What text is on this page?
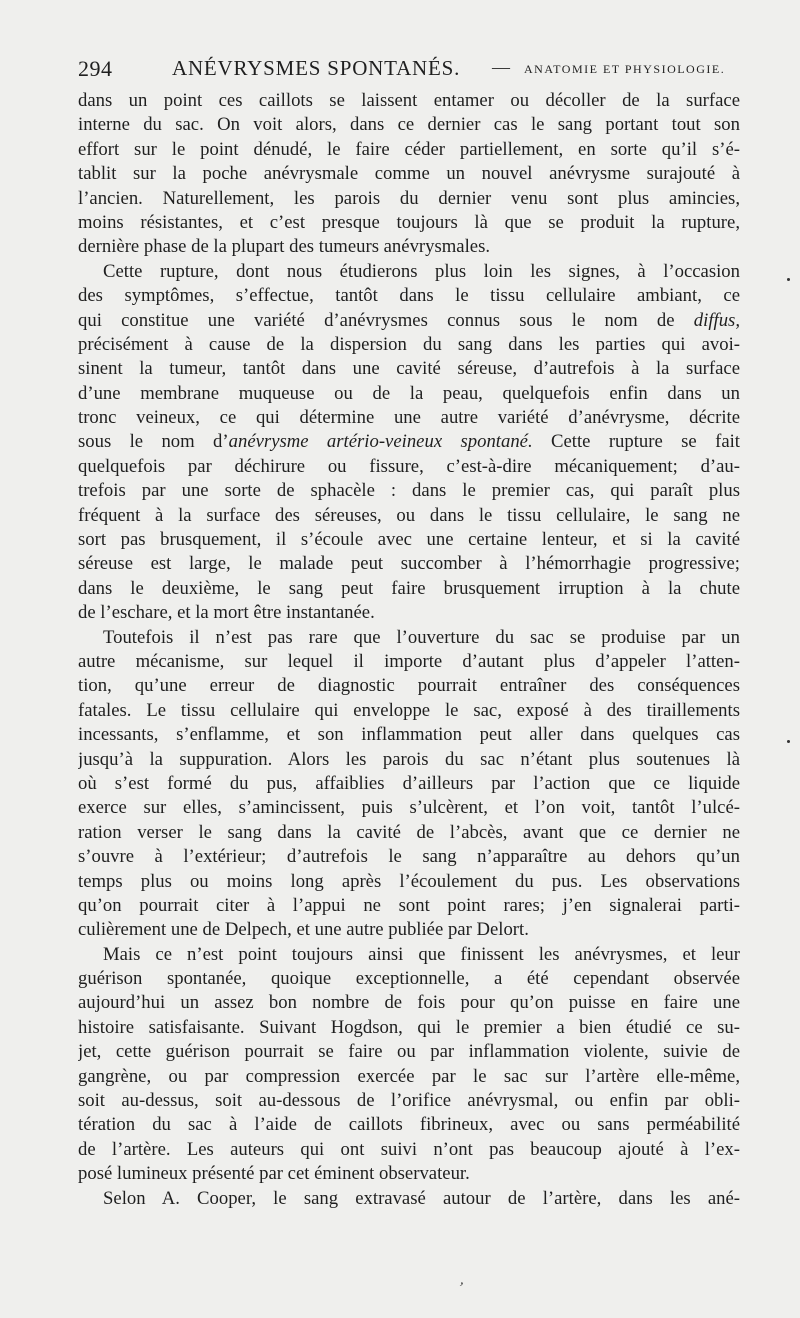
294	ANÉVRYSMES SPONTANÉS. — ANATOMIE ET PHYSIOLOGIE.
dans un point ces caillots se laissent entamer ou décoller de la surface
interne du sac. On voit alors, dans ce dernier cas le sang portant tout son
effort sur le point dénudé, le faire céder partiellement, en sorte qu’il s’é-
tablit sur la poche anévrysmale comme un nouvel anévrysme surajouté à
l’ancien. Naturellement, les parois du dernier venu sont plus amincies,
moins résistantes, et c’est presque toujours là que se produit la rupture,
dernière phase de la plupart des tumeurs anévrysmales.
Cette rupture, dont nous étudierons plus loin les signes, à l’occasion
des symptômes, s’effectue, tantôt dans le tissu cellulaire ambiant, ce
qui constitue une variété d’anévrysmes connus sous le nom de diffus,
précisément à cause de la dispersion du sang dans les parties qui avoi-
sinent la tumeur, tantôt dans une cavité séreuse, d’autrefois à la surface
d’une membrane muqueuse ou de la peau, quelquefois enfin dans un
tronc veineux, ce qui détermine une autre variété d’anévrysme, décrite
sous le nom d’anévrysme artério-veineux spontané. Cette rupture se fait
quelquefois par déchirure ou fissure, c’est-à-dire mécaniquement; d’au-
trefois par une sorte de sphacèle : dans le premier cas, qui paraît plus
fréquent à la surface des séreuses, ou dans le tissu cellulaire, le sang ne
sort pas brusquement, il s’écoule avec une certaine lenteur, et si la cavité
séreuse est large, le malade peut succomber à l’hémorrhagie progressive;
dans le deuxième, le sang peut faire brusquement irruption à la chute
de l’eschare, et la mort être instantanée.
Toutefois il n’est pas rare que l’ouverture du sac se produise par un
autre mécanisme, sur lequel il importe d’autant plus d’appeler l’atten-
tion, qu’une erreur de diagnostic pourrait entraîner des conséquences
fatales. Le tissu cellulaire qui enveloppe le sac, exposé à des tiraillements
incessants, s’enflamme, et son inflammation peut aller dans quelques cas
jusqu’à la suppuration. Alors les parois du sac n’étant plus soutenues là
où s’est formé du pus, affaiblies d’ailleurs par l’action que ce liquide
exerce sur elles, s’amincissent, puis s’ulcèrent, et l’on voit, tantôt l’ulcé-
ration verser le sang dans la cavité de l’abcès, avant que ce dernier ne
s’ouvre à l’extérieur; d’autrefois le sang n’apparaître au dehors qu’un
temps plus ou moins long après l’écoulement du pus. Les observations
qu’on pourrait citer à l’appui ne sont point rares; j’en signalerai parti-
culièrement une de Delpech, et une autre publiée par Delort.
Mais ce n’est point toujours ainsi que finissent les anévrysmes, et leur
guérison spontanée, quoique exceptionnelle, a été cependant observée
aujourd’hui un assez bon nombre de fois pour qu’on puisse en faire une
histoire satisfaisante. Suivant Hogdson, qui le premier a bien étudié ce su-
jet, cette guérison pourrait se faire ou par inflammation violente, suivie de
gangrène, ou par compression exercée par le sac sur l’artère elle-même,
soit au-dessus, soit au-dessous de l’orifice anévrysmal, ou enfin par obli-
tération du sac à l’aide de caillots fibrineux, avec ou sans perméabilité
de l’artère. Les auteurs qui ont suivi n’ont pas beaucoup ajouté à l’ex-
posé lumineux présenté par cet éminent observateur.
Selon A. Cooper, le sang extravasé autour de l’artère, dans les ané-
,
